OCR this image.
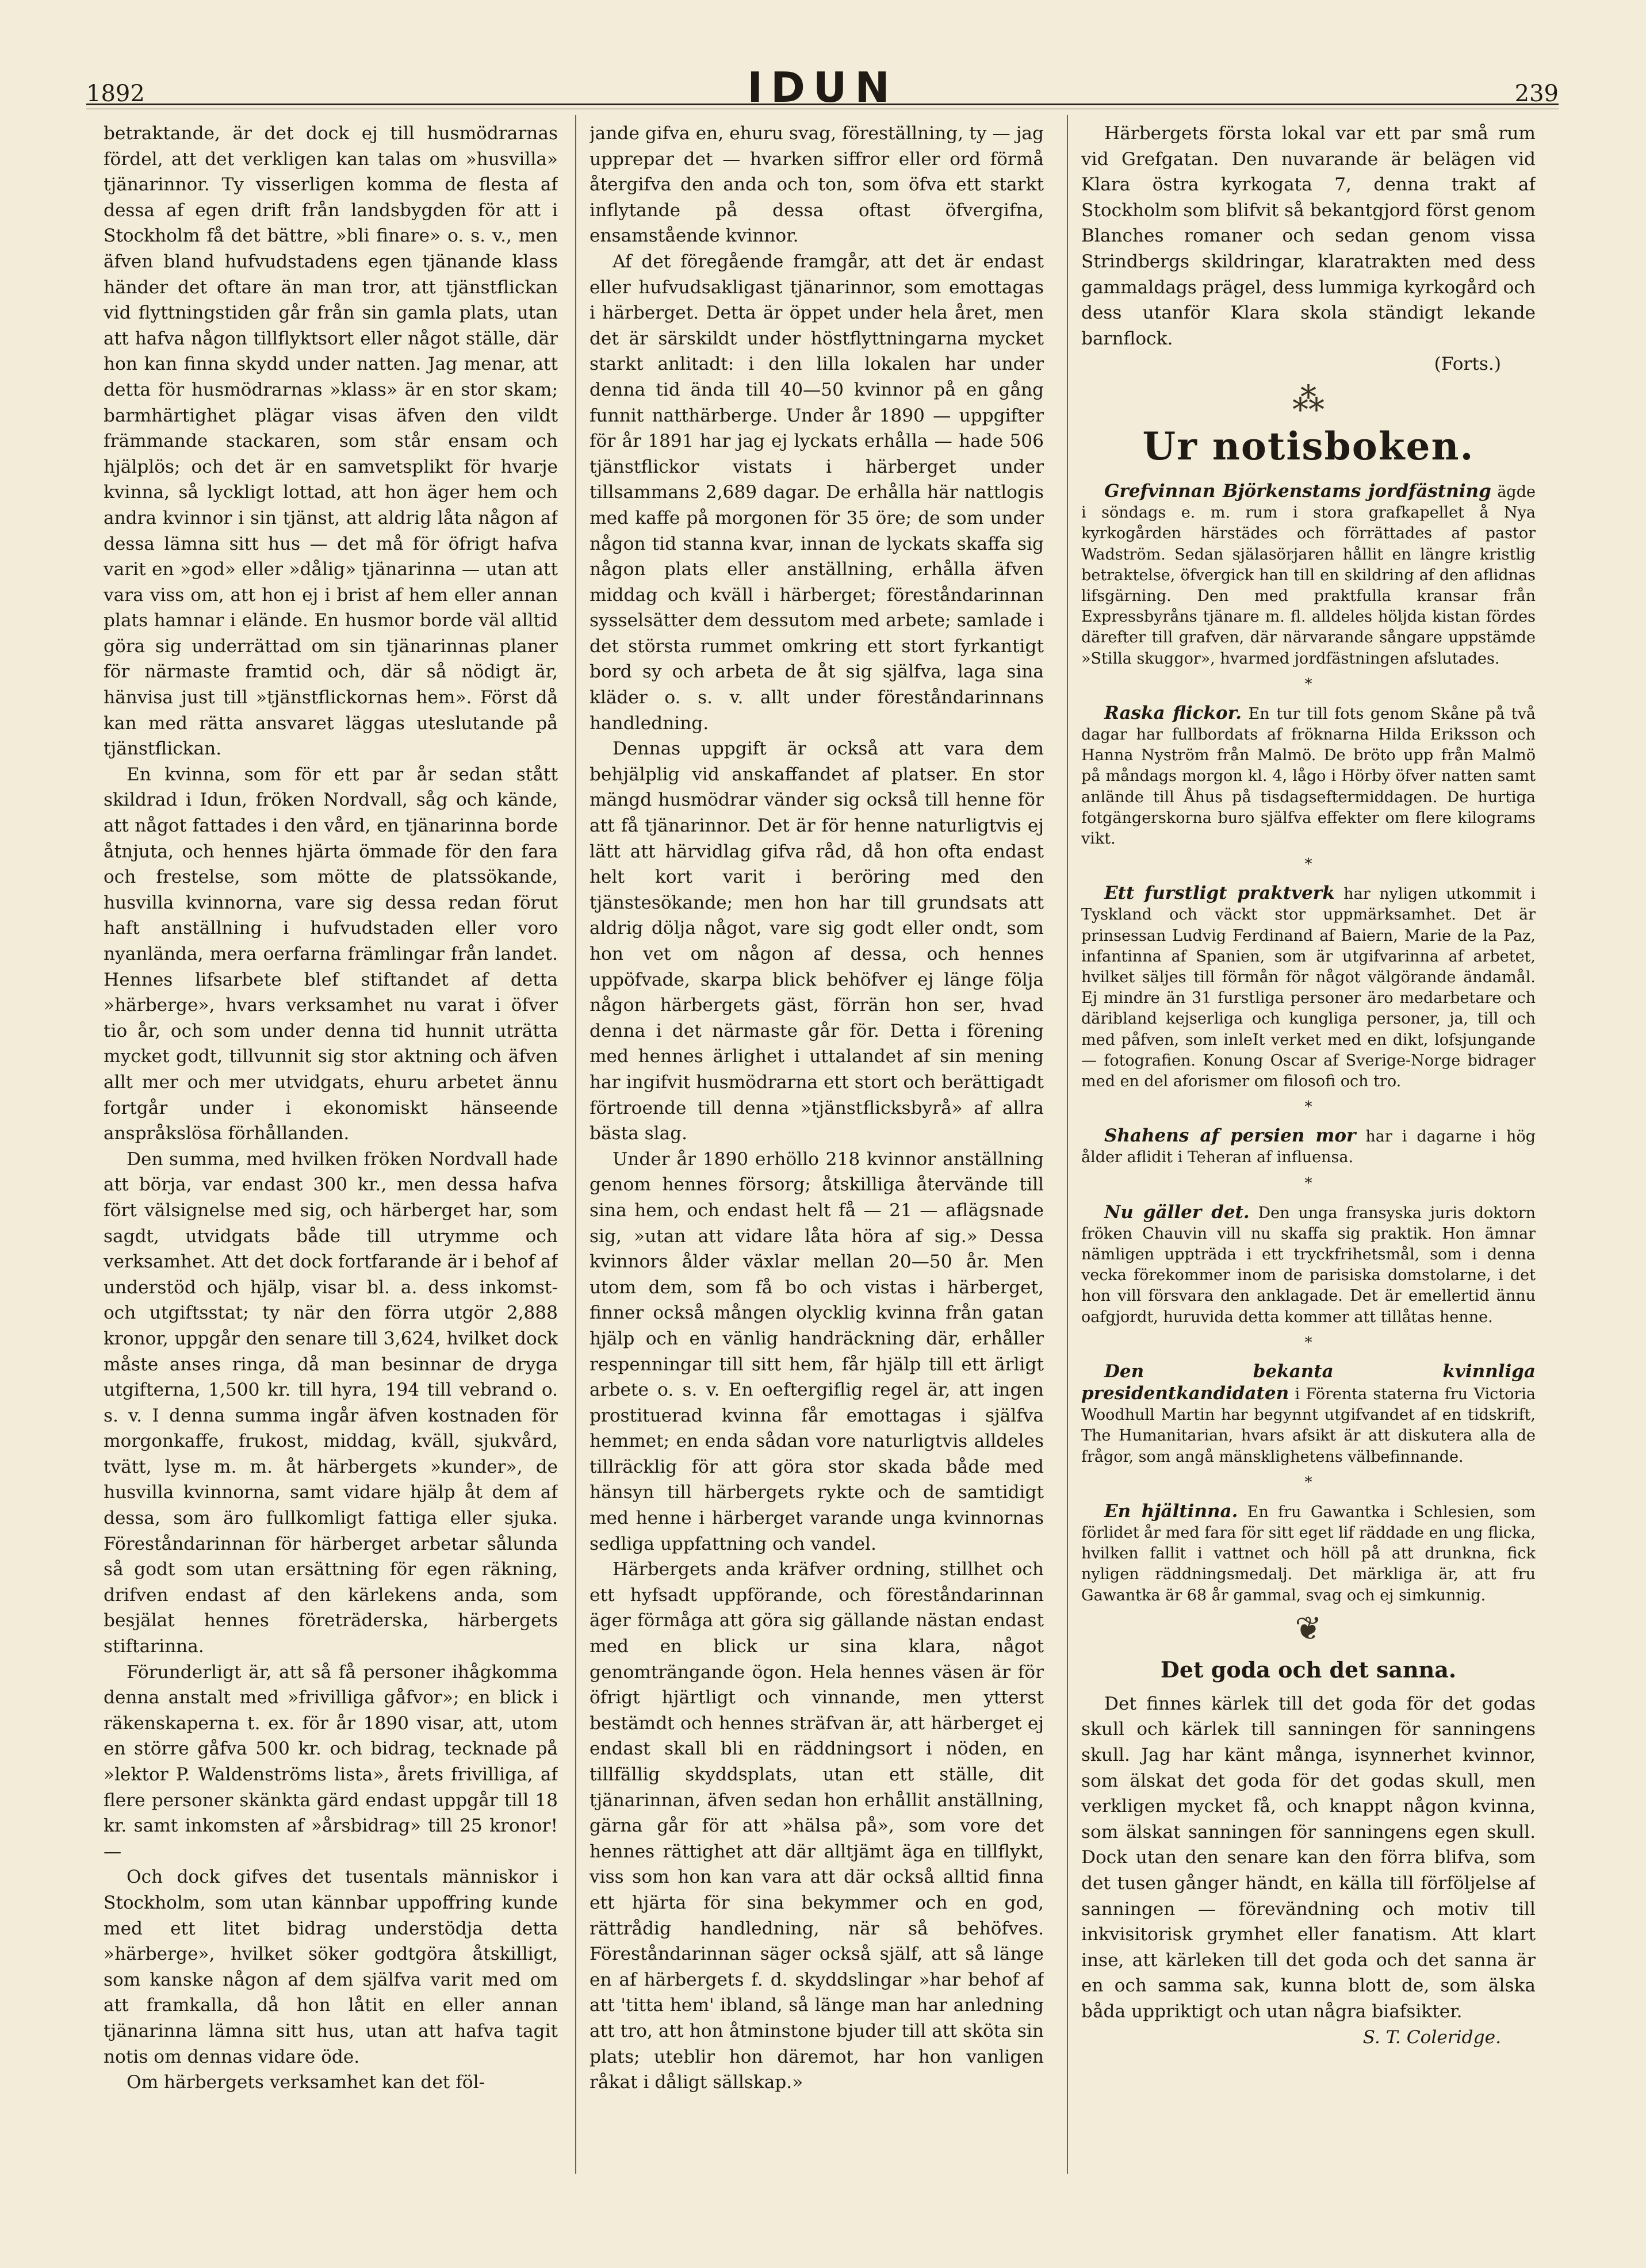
1892	IDUN	239

betraktande, är det dock ej till husmödrarnas fördel, att det verkligen kan talas om »husvilla» tjänarinnor. Ty visserligen komma de flesta af dessa af egen drift från landsbygden för att i Stockholm få det bättre, »bli finare» o. s. v., men äfven bland hufvudstadens egen tjänande klass händer det oftare än man tror, att tjänstflickan vid flyttningstiden går från sin gamla plats, utan att hafva någon tillflyktsort eller något ställe, där hon kan finna skydd under natten. Jag menar, att detta för husmödrarnas »klass» är en stor skam; barmhärtighet plägar visas äfven den vildt främmande stackaren, som står ensam och hjälplös; och det är en samvetsplikt för hvarje kvinna, så lyckligt lottad, att hon äger hem och andra kvinnor i sin tjänst, att aldrig låta någon af dessa lämna sitt hus — det må för öfrigt hafva varit en »god» eller »dålig» tjänarinna — utan att vara viss om, att hon ej i brist af hem eller annan plats hamnar i elände. En husmor borde väl alltid göra sig underrättad om sin tjänarinnas planer för närmaste framtid och, där så nödigt är, hänvisa just till »tjänstflickornas hem». Först då kan med rätta ansvaret läggas uteslutande på tjänstflickan.

En kvinna, som för ett par år sedan stått skildrad i Idun, fröken Nordvall, såg och kände, att något fattades i den vård, en tjänarinna borde åtnjuta, och hennes hjärta ömmade för den fara och frestelse, som mötte de platssökande, husvilla kvinnorna, vare sig dessa redan förut haft anställning i hufvudstaden eller voro nyanlända, mera oerfarna främlingar från landet. Hennes lifsarbete blef stiftandet af detta »härberge», hvars verksamhet nu varat i öfver tio år, och som under denna tid hunnit uträtta mycket godt, tillvunnit sig stor aktning och äfven allt mer och mer utvidgats, ehuru arbetet ännu fortgår under i ekonomiskt hänseende anspråkslösa förhållanden.

Den summa, med hvilken fröken Nordvall hade att börja, var endast 300 kr., men dessa hafva fört välsignelse med sig, och härberget har, som sagdt, utvidgats både till utrymme och verksamhet. Att det dock fortfarande är i behof af understöd och hjälp, visar bl. a. dess inkomst- och utgiftsstat; ty när den förra utgör 2,888 kronor, uppgår den senare till 3,624, hvilket dock måste anses ringa, då man besinnar de dryga utgifterna, 1,500 kr. till hyra, 194 till vebrand o. s. v. I denna summa ingår äfven kostnaden för morgonkaffe, frukost, middag, kväll, sjukvård, tvätt, lyse m. m. åt härbergets »kunder», de husvilla kvinnorna, samt vidare hjälp åt dem af dessa, som äro fullkomligt fattiga eller sjuka. Föreståndarinnan för härberget arbetar sålunda så godt som utan ersättning för egen räkning, drifven endast af den kärlekens anda, som besjälat hennes företräderska, härbergets stiftarinna.

Förunderligt är, att så få personer ihågkomma denna anstalt med »frivilliga gåfvor»; en blick i räkenskaperna t. ex. för år 1890 visar, att, utom en större gåfva 500 kr. och bidrag, tecknade på »lektor P. Waldenströms lista», årets frivilliga, af flere personer skänkta gärd endast uppgår till 18 kr. samt inkomsten af »årsbidrag» till 25 kronor! —

Och dock gifves det tusentals människor i Stockholm, som utan kännbar uppoffring kunde med ett litet bidrag understödja detta »härberge», hvilket söker godtgöra åtskilligt, som kanske någon af dem själfva varit med om att framkalla, då hon låtit en eller annan tjänarinna lämna sitt hus, utan att hafva tagit notis om dennas vidare öde.

Om härbergets verksamhet kan det föl-

jande gifva en, ehuru svag, föreställning, ty — jag upprepar det — hvarken siffror eller ord förmå återgifva den anda och ton, som öfva ett starkt inflytande på dessa oftast öfvergifna, ensamstående kvinnor.

Af det föregående framgår, att det är endast eller hufvudsakligast tjänarinnor, som emottagas i härberget. Detta är öppet under hela året, men det är särskildt under höstflyttningarna mycket starkt anlitadt: i den lilla lokalen har under denna tid ända till 40—50 kvinnor på en gång funnit natthärberge. Under år 1890 — uppgifter för år 1891 har jag ej lyckats erhålla — hade 506 tjänstflickor vistats i härberget under tillsammans 2,689 dagar. De erhålla här nattlogis med kaffe på morgonen för 35 öre; de som under någon tid stanna kvar, innan de lyckats skaffa sig någon plats eller anställning, erhålla äfven middag och kväll i härberget; föreståndarinnan sysselsätter dem dessutom med arbete; samlade i det största rummet omkring ett stort fyrkantigt bord sy och arbeta de åt sig själfva, laga sina kläder o. s. v. allt under föreståndarinnans handledning.

Dennas uppgift är också att vara dem behjälplig vid anskaffandet af platser. En stor mängd husmödrar vänder sig också till henne för att få tjänarinnor. Det är för henne naturligtvis ej lätt att härvidlag gifva råd, då hon ofta endast helt kort varit i beröring med den tjänstesökande; men hon har till grundsats att aldrig dölja något, vare sig godt eller ondt, som hon vet om någon af dessa, och hennes uppöfvade, skarpa blick behöfver ej länge följa någon härbergets gäst, förrän hon ser, hvad denna i det närmaste går för. Detta i förening med hennes ärlighet i uttalandet af sin mening har ingifvit husmödrarna ett stort och berättigadt förtroende till denna »tjänstflicksbyrå» af allra bästa slag.

Under år 1890 erhöllo 218 kvinnor anställning genom hennes försorg; åtskilliga återvände till sina hem, och endast helt få — 21 — aflägsnade sig, »utan att vidare låta höra af sig.» Dessa kvinnors ålder växlar mellan 20—50 år. Men utom dem, som få bo och vistas i härberget, finner också mången olycklig kvinna från gatan hjälp och en vänlig handräckning där, erhåller respenningar till sitt hem, får hjälp till ett ärligt arbete o. s. v. En oeftergiflig regel är, att ingen prostituerad kvinna får emottagas i själfva hemmet; en enda sådan vore naturligtvis alldeles tillräcklig för att göra stor skada både med hänsyn till härbergets rykte och de samtidigt med henne i härberget varande unga kvinnornas sedliga uppfattning och vandel.

Härbergets anda kräfver ordning, stillhet och ett hyfsadt uppförande, och föreståndarinnan äger förmåga att göra sig gällande nästan endast med en blick ur sina klara, något genomträngande ögon. Hela hennes väsen är för öfrigt hjärtligt och vinnande, men ytterst bestämdt och hennes sträfvan är, att härberget ej endast skall bli en räddningsort i nöden, en tillfällig skyddsplats, utan ett ställe, dit tjänarinnan, äfven sedan hon erhållit anställning, gärna går för att »hälsa på», som vore det hennes rättighet att där alltjämt äga en tillflykt, viss som hon kan vara att där också alltid finna ett hjärta för sina bekymmer och en god, rättrådig handledning, när så behöfves. Föreståndarinnan säger också själf, att så länge en af härbergets f. d. skyddslingar »har behof af att 'titta hem' ibland, så länge man har anledning att tro, att hon åtminstone bjuder till att sköta sin plats; uteblir hon däremot, har hon vanligen råkat i dåligt sällskap.»

Härbergets första lokal var ett par små rum vid Grefgatan. Den nuvarande är belägen vid Klara östra kyrkogata 7, denna trakt af Stockholm som blifvit så bekantgjord först genom Blanches romaner och sedan genom vissa Strindbergs skildringar, klaratrakten med dess gammaldags prägel, dess lummiga kyrkogård och dess utanför Klara skola ständigt lekande barnflock.

(Forts.)

⁂
Ur notisboken.

Grefvinnan Björkenstams jordfästning ägde i söndags e. m. rum i stora grafkapellet å Nya kyrkogården härstädes och förrättades af pastor Wadström. Sedan själasörjaren hållit en längre kristlig betraktelse, öfvergick han till en skildring af den aflidnas lifsgärning. Den med praktfulla kransar från Expressbyråns tjänare m. fl. alldeles höljda kistan fördes därefter till grafven, där närvarande sångare uppstämde »Stilla skuggor», hvarmed jordfästningen afslutades.

*

Raska flickor. En tur till fots genom Skåne på två dagar har fullbordats af fröknarna Hilda Eriksson och Hanna Nyström från Malmö. De bröto upp från Malmö på måndags morgon kl. 4, lågo i Hörby öfver natten samt anlände till Åhus på tisdagseftermiddagen. De hurtiga fotgängerskorna buro själfva effekter om flere kilograms vikt.

*

Ett furstligt praktverk har nyligen utkommit i Tyskland och väckt stor uppmärksamhet. Det är prinsessan Ludvig Ferdinand af Baiern, Marie de la Paz, infantinna af Spanien, som är utgifvarinna af arbetet, hvilket säljes till förmån för något välgörande ändamål. Ej mindre än 31 furstliga personer äro medarbetare och däribland kejserliga och kungliga personer, ja, till och med påfven, som inleIt verket med en dikt, lofsjungande — fotografien. Konung Oscar af Sverige-Norge bidrager med en del aforismer om filosofi och tro.

*

Shahens af persien mor har i dagarne i hög ålder aflidit i Teheran af influensa.

*

Nu gäller det. Den unga fransyska juris doktorn fröken Chauvin vill nu skaffa sig praktik. Hon ämnar nämligen uppträda i ett tryckfrihetsmål, som i denna vecka förekommer inom de parisiska domstolarne, i det hon vill försvara den anklagade. Det är emellertid ännu oafgjordt, huruvida detta kommer att tillåtas henne.

*

Den bekanta kvinnliga presidentkandidaten i Förenta staterna fru Victoria Woodhull Martin har begynnt utgifvandet af en tidskrift, The Humanitarian, hvars afsikt är att diskutera alla de frågor, som angå mänsklighetens välbefinnande.

*

En hjältinna. En fru Gawantka i Schlesien, som förlidet år med fara för sitt eget lif räddade en ung flicka, hvilken fallit i vattnet och höll på att drunkna, fick nyligen räddningsmedalj. Det märkliga är, att fru Gawantka är 68 år gammal, svag och ej simkunnig.

❦
Det goda och det sanna.

Det finnes kärlek till det goda för det godas skull och kärlek till sanningen för sanningens skull. Jag har känt många, isynnerhet kvinnor, som älskat det goda för det godas skull, men verkligen mycket få, och knappt någon kvinna, som älskat sanningen för sanningens egen skull. Dock utan den senare kan den förra blifva, som det tusen gånger händt, en källa till förföljelse af sanningen — förevändning och motiv till inkvisitorisk grymhet eller fanatism. Att klart inse, att kärleken till det goda och det sanna är en och samma sak, kunna blott de, som älska båda uppriktigt och utan några biafsikter.

S. T. Coleridge.
